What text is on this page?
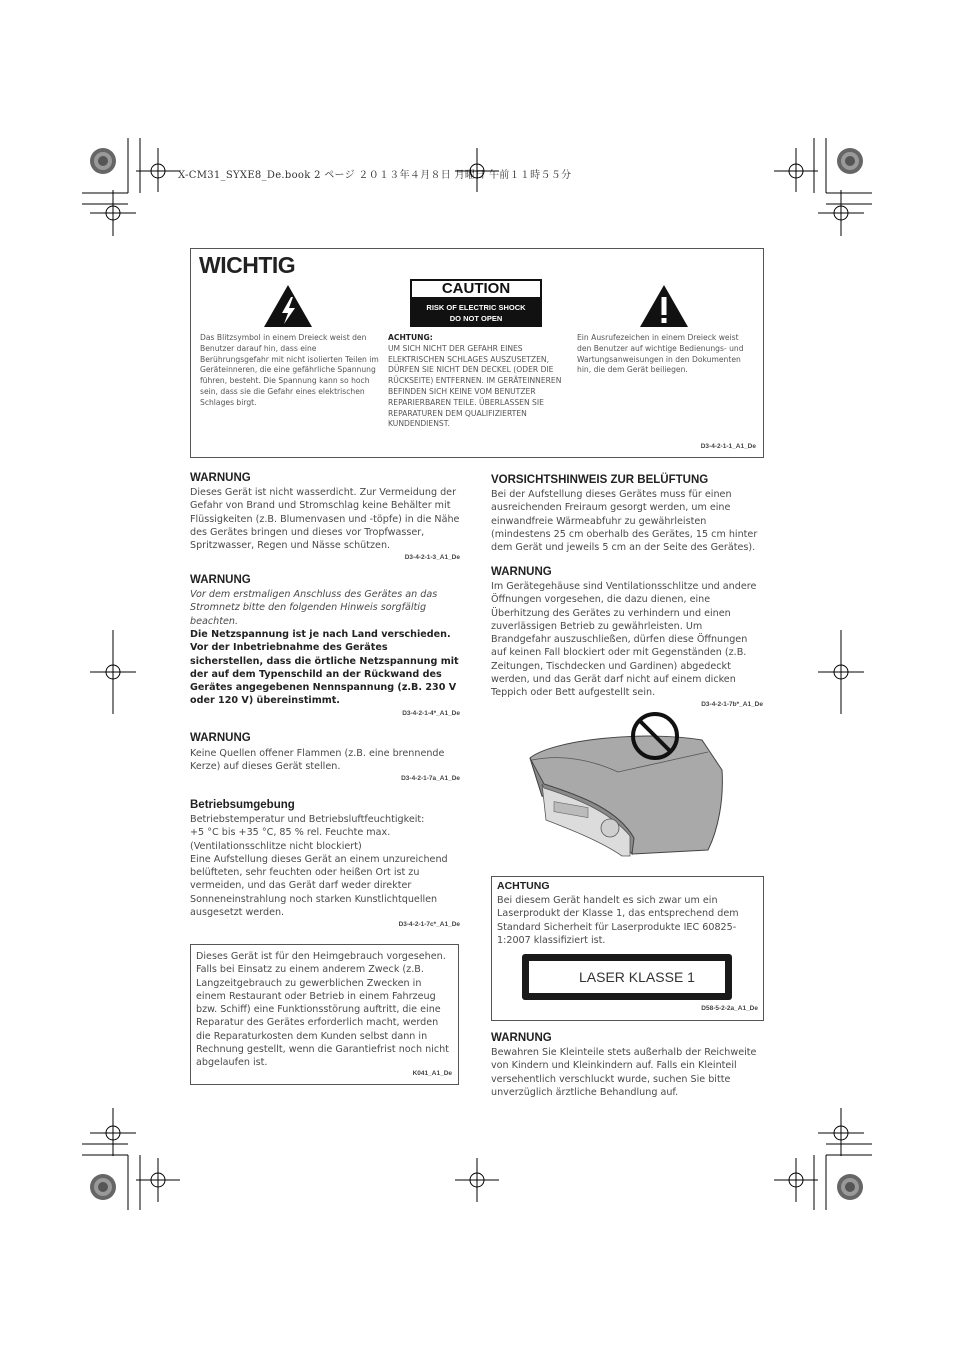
X-CM31_SYXE8_De.book 2 ページ ２０１３年４月８日 月曜日 午前１１時５５分
WICHTIG
CAUTION
RISK OF ELECTRIC SHOCK
DO NOT OPEN
Das Blitzsymbol in einem Dreieck weist den Benutzer darauf hin, dass eine Berührungsgefahr mit nicht isolierten Teilen im Geräteinneren, die eine gefährliche Spannung führen, besteht. Die Spannung kann so hoch sein, dass sie die Gefahr eines elektrischen Schlages birgt.
ACHTUNG:
UM SICH NICHT DER GEFAHR EINES ELEKTRISCHEN SCHLAGES AUSZUSETZEN, DÜRFEN SIE NICHT DEN DECKEL (ODER DIE RÜCKSEITE) ENTFERNEN. IM GERÄTEINNEREN BEFINDEN SICH KEINE VOM BENUTZER REPARIERBAREN TEILE. ÜBERLASSEN SIE REPARATUREN DEM QUALIFIZIERTEN KUNDENDIENST.
Ein Ausrufezeichen in einem Dreieck weist den Benutzer auf wichtige Bedienungs- und Wartungsanweisungen in den Dokumenten hin, die dem Gerät beiliegen.
D3-4-2-1-1_A1_De
WARNUNG
Dieses Gerät ist nicht wasserdicht. Zur Vermeidung der Gefahr von Brand und Stromschlag keine Behälter mit Flüssigkeiten (z.B. Blumenvasen und -töpfe) in die Nähe des Gerätes bringen und dieses vor Tropfwasser, Spritzwasser, Regen und Nässe schützen.
D3-4-2-1-3_A1_De
WARNUNG
Vor dem erstmaligen Anschluss des Gerätes an das Stromnetz bitte den folgenden Hinweis sorgfältig beachten.
Die Netzspannung ist je nach Land verschieden. Vor der Inbetriebnahme des Gerätes sicherstellen, dass die örtliche Netzspannung mit der auf dem Typenschild an der Rückwand des Gerätes angegebenen Nennspannung (z.B. 230 V oder 120 V) übereinstimmt.
D3-4-2-1-4*_A1_De
WARNUNG
Keine Quellen offener Flammen (z.B. eine brennende Kerze) auf dieses Gerät stellen.
D3-4-2-1-7a_A1_De
Betriebsumgebung
Betriebstemperatur und Betriebsluftfeuchtigkeit:
+5 °C bis +35 °C, 85 % rel. Feuchte max.
(Ventilationsschlitze nicht blockiert)
Eine Aufstellung dieses Gerät an einem unzureichend belüfteten, sehr feuchten oder heißen Ort ist zu vermeiden, und das Gerät darf weder direkter Sonneneinstrahlung noch starken Kunstlichtquellen ausgesetzt werden.
D3-4-2-1-7c*_A1_De
Dieses Gerät ist für den Heimgebrauch vorgesehen. Falls bei Einsatz zu einem anderem Zweck (z.B. Langzeitgebrauch zu gewerblichen Zwecken in einem Restaurant oder Betrieb in einem Fahrzeug bzw. Schiff) eine Funktionsstörung auftritt, die eine Reparatur des Gerätes erforderlich macht, werden die Reparaturkosten dem Kunden selbst dann in Rechnung gestellt, wenn die Garantiefrist noch nicht abgelaufen ist.
K041_A1_De
VORSICHTSHINWEIS ZUR BELÜFTUNG
Bei der Aufstellung dieses Gerätes muss für einen ausreichenden Freiraum gesorgt werden, um eine einwandfreie Wärmeabfuhr zu gewährleisten (mindestens 25 cm oberhalb des Gerätes, 15 cm hinter dem Gerät und jeweils 5 cm an der Seite des Gerätes).
WARNUNG
Im Gerätegehäuse sind Ventilationsschlitze und andere Öffnungen vorgesehen, die dazu dienen, eine Überhitzung des Gerätes zu verhindern und einen zuverlässigen Betrieb zu gewährleisten. Um Brandgefahr auszuschließen, dürfen diese Öffnungen auf keinen Fall blockiert oder mit Gegenständen (z.B. Zeitungen, Tischdecken und Gardinen) abgedeckt werden, und das Gerät darf nicht auf einem dicken Teppich oder Bett aufgestellt sein.
D3-4-2-1-7b*_A1_De
ACHTUNG
Bei diesem Gerät handelt es sich zwar um ein Laserprodukt der Klasse 1, das entsprechend dem Standard Sicherheit für Laserprodukte IEC 60825-1:2007 klassifiziert ist.
LASER KLASSE 1
D58-5-2-2a_A1_De
WARNUNG
Bewahren Sie Kleinteile stets außerhalb der Reichweite von Kindern und Kleinkindern auf. Falls ein Kleinteil versehentlich verschluckt wurde, suchen Sie bitte unverzüglich ärztliche Behandlung auf.
